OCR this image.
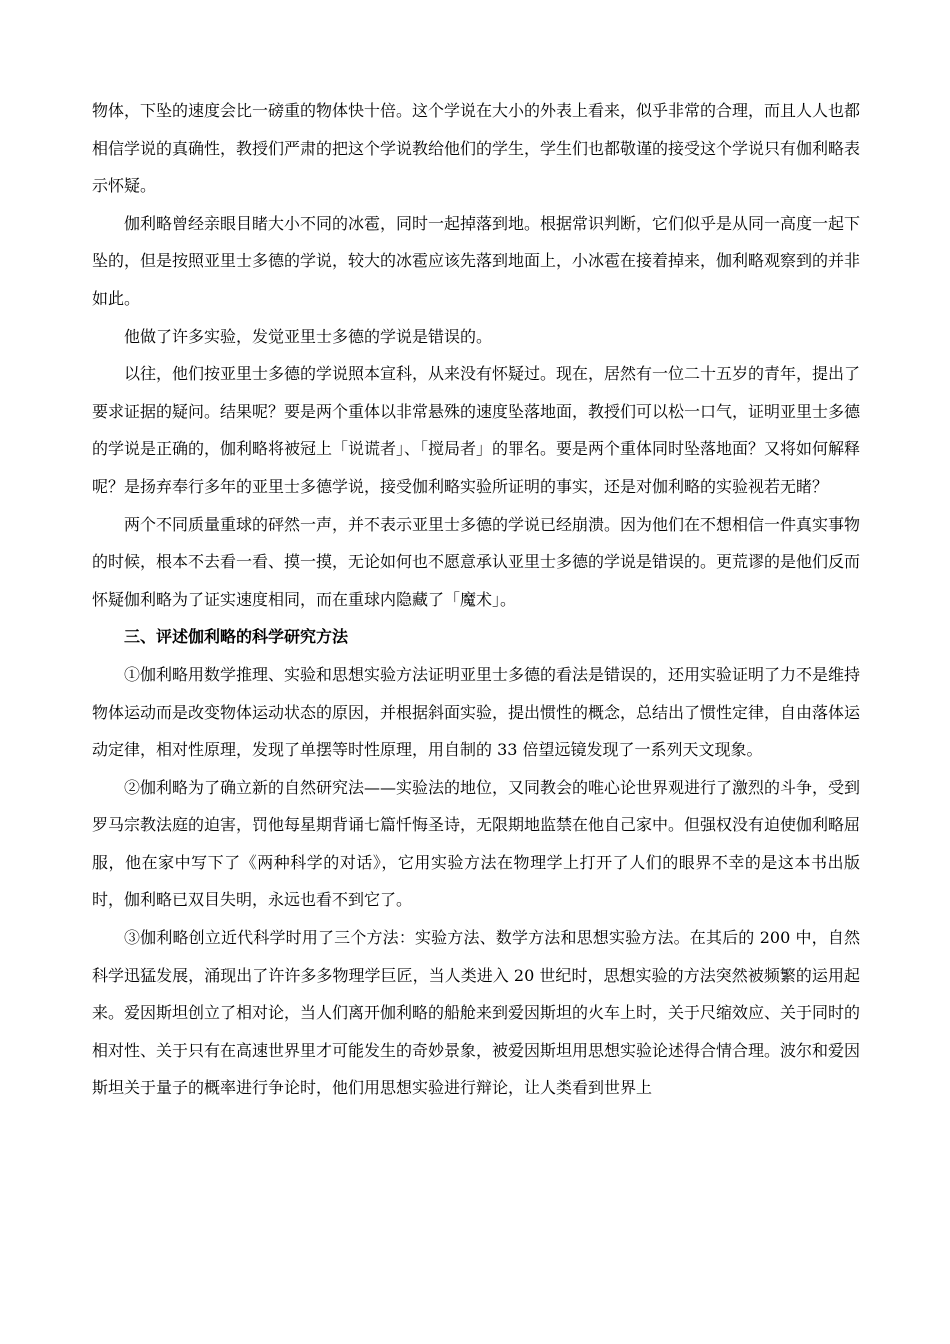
物体，下坠的速度会比一磅重的物体快十倍。这个学说在大小的外表上看来，似乎非常的合理，而且人人也都相信学说的真确性，教授们严肃的把这个学说教给他们的学生，学生们也都敬谨的接受这个学说只有伽利略表示怀疑。

伽利略曾经亲眼目睹大小不同的冰雹，同时一起掉落到地。根据常识判断，它们似乎是从同一高度一起下坠的，但是按照亚里士多德的学说，较大的冰雹应该先落到地面上，小冰雹在接着掉来，伽利略观察到的并非如此。

他做了许多实验，发觉亚里士多德的学说是错误的。

以往，他们按亚里士多德的学说照本宣科，从来没有怀疑过。现在，居然有一位二十五岁的青年，提出了要求证据的疑问。结果呢？要是两个重体以非常悬殊的速度坠落地面，教授们可以松一口气，证明亚里士多德的学说是正确的，伽利略将被冠上「说谎者」、「搅局者」的罪名。要是两个重体同时坠落地面？又将如何解释呢？是扬弃奉行多年的亚里士多德学说，接受伽利略实验所证明的事实，还是对伽利略的实验视若无睹？

两个不同质量重球的砰然一声，并不表示亚里士多德的学说已经崩溃。因为他们在不想相信一件真实事物的时候，根本不去看一看、摸一摸，无论如何也不愿意承认亚里士多德的学说是错误的。更荒谬的是他们反而怀疑伽利略为了证实速度相同，而在重球内隐藏了「魔术」。

三、评述伽利略的科学研究方法

①伽利略用数学推理、实验和思想实验方法证明亚里士多德的看法是错误的，还用实验证明了力不是维持物体运动而是改变物体运动状态的原因，并根据斜面实验，提出惯性的概念，总结出了惯性定律，自由落体运动定律，相对性原理，发现了单摆等时性原理，用自制的 33 倍望远镜发现了一系列天文现象。

②伽利略为了确立新的自然研究法——实验法的地位，又同教会的唯心论世界观进行了激烈的斗争，受到罗马宗教法庭的迫害，罚他每星期背诵七篇忏悔圣诗，无限期地监禁在他自己家中。但强权没有迫使伽利略屈服，他在家中写下了《两种科学的对话》，它用实验方法在物理学上打开了人们的眼界不幸的是这本书出版时，伽利略已双目失明，永远也看不到它了。

③伽利略创立近代科学时用了三个方法：实验方法、数学方法和思想实验方法。在其后的 200 中，自然科学迅猛发展，涌现出了许许多多物理学巨匠，当人类进入 20 世纪时，思想实验的方法突然被频繁的运用起来。爱因斯坦创立了相对论，当人们离开伽利略的船舱来到爱因斯坦的火车上时，关于尺缩效应、关于同时的相对性、关于只有在高速世界里才可能发生的奇妙景象，被爱因斯坦用思想实验论述得合情合理。波尔和爱因斯坦关于量子的概率进行争论时，他们用思想实验进行辩论，让人类看到世界上
